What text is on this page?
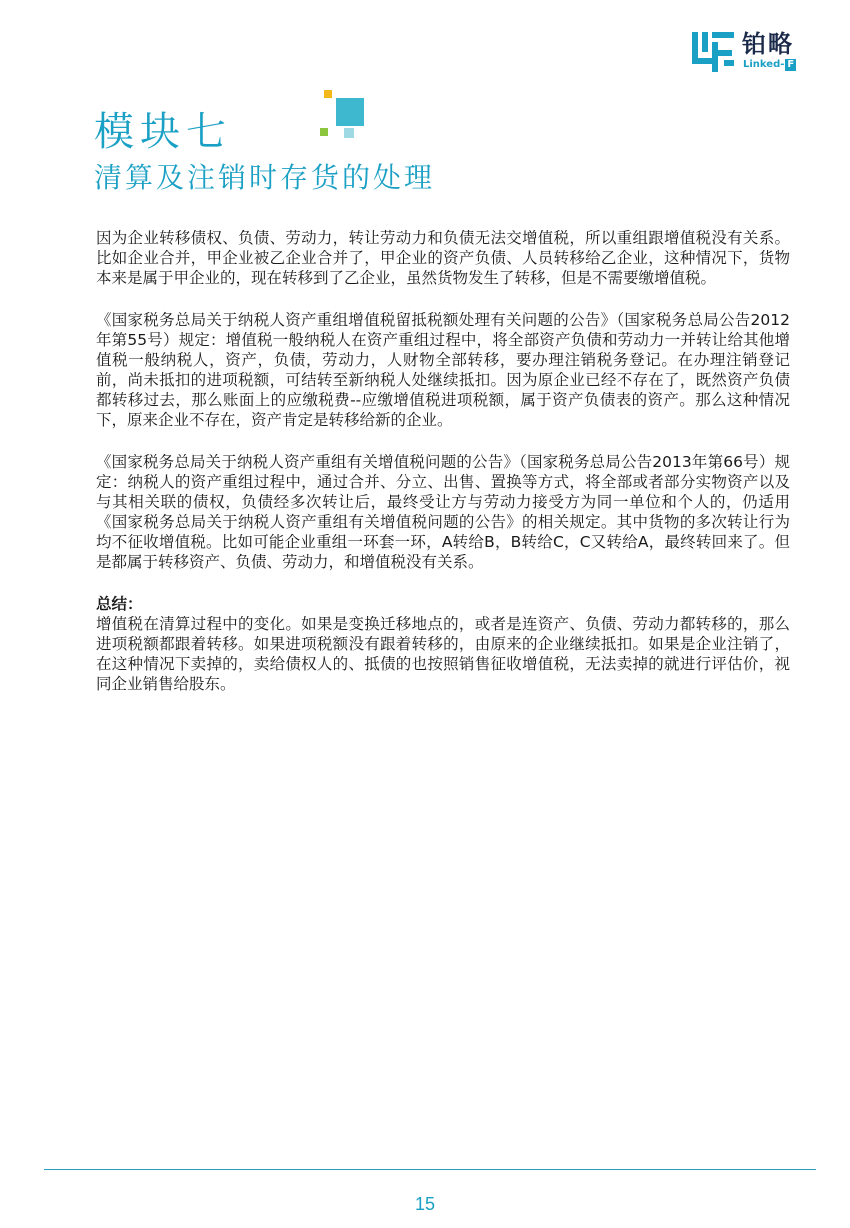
铂略
Linked- F
模块七
清算及注销时存货的处理

因为企业转移债权、负债、劳动力，转让劳动力和负债无法交增值税，所以重组跟增值税没有关系。比如企业合并，甲企业被乙企业合并了，甲企业的资产负债、人员转移给乙企业，这种情况下，货物本来是属于甲企业的，现在转移到了乙企业，虽然货物发生了转移，但是不需要缴增值税。

《国家税务总局关于纳税人资产重组增值税留抵税额处理有关问题的公告》（国家税务总局公告2012年第55号）规定：增值税一般纳税人在资产重组过程中，将全部资产负债和劳动力一并转让给其他增值税一般纳税人，资产，负债，劳动力，人财物全部转移，要办理注销税务登记。在办理注销登记前，尚未抵扣的进项税额，可结转至新纳税人处继续抵扣。因为原企业已经不存在了，既然资产负债都转移过去，那么账面上的应缴税费--应缴增值税进项税额，属于资产负债表的资产。那么这种情况下，原来企业不存在，资产肯定是转移给新的企业。

《国家税务总局关于纳税人资产重组有关增值税问题的公告》（国家税务总局公告2013年第66号）规定：纳税人的资产重组过程中，通过合并、分立、出售、置换等方式，将全部或者部分实物资产以及与其相关联的债权，负债经多次转让后，最终受让方与劳动力接受方为同一单位和个人的，仍适用《国家税务总局关于纳税人资产重组有关增值税问题的公告》的相关规定。其中货物的多次转让行为均不征收增值税。比如可能企业重组一环套一环，A转给B，B转给C，C又转给A，最终转回来了。但是都属于转移资产、负债、劳动力，和增值税没有关系。

总结：
增值税在清算过程中的变化。如果是变换迁移地点的，或者是连资产、负债、劳动力都转移的，那么进项税额都跟着转移。如果进项税额没有跟着转移的，由原来的企业继续抵扣。如果是企业注销了，在这种情况下卖掉的，卖给债权人的、抵债的也按照销售征收增值税，无法卖掉的就进行评估价，视同企业销售给股东。
15
